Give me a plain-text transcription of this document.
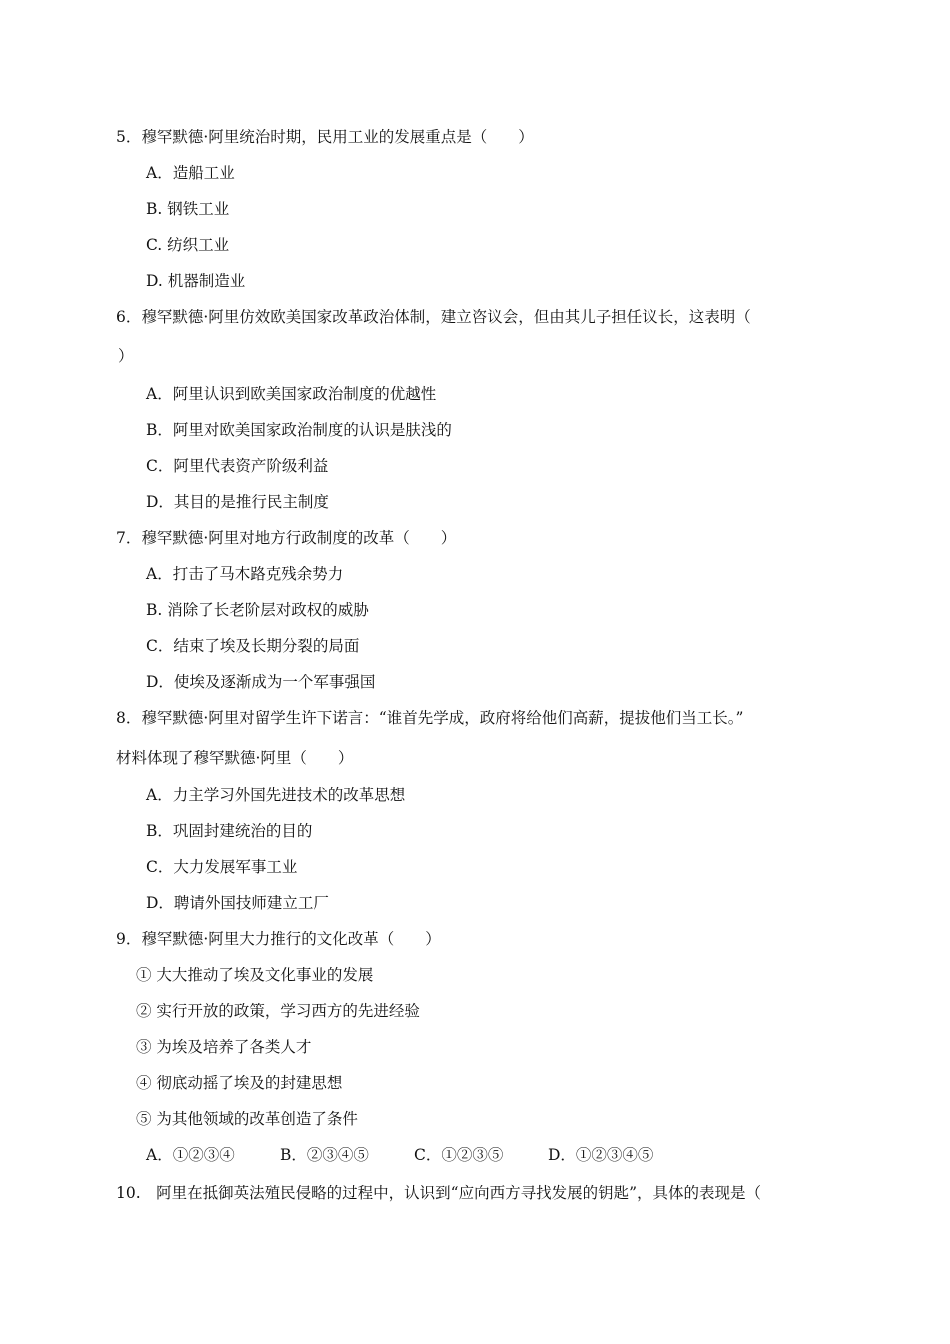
5．穆罕默德·阿里统治时期，民用工业的发展重点是（　　）
A．造船工业
B. 钢铁工业
C. 纺织工业
D. 机器制造业
6．穆罕默德·阿里仿效欧美国家改革政治体制，建立咨议会，但由其儿子担任议长，这表明（
）
A．阿里认识到欧美国家政治制度的优越性
B．阿里对欧美国家政治制度的认识是肤浅的
C．阿里代表资产阶级利益
D．其目的是推行民主制度
7．穆罕默德·阿里对地方行政制度的改革（　　）
A．打击了马木路克残余势力
B. 消除了长老阶层对政权的威胁
C．结束了埃及长期分裂的局面
D．使埃及逐渐成为一个军事强国
8．穆罕默德·阿里对留学生许下诺言：“谁首先学成，政府将给他们高薪，提拔他们当工长。”
材料体现了穆罕默德·阿里（　　）
A．力主学习外国先进技术的改革思想
B．巩固封建统治的目的
C．大力发展军事工业
D．聘请外国技师建立工厂
9．穆罕默德·阿里大力推行的文化改革（　　）
① 大大推动了埃及文化事业的发展
② 实行开放的政策，学习西方的先进经验
③ 为埃及培养了各类人才
④ 彻底动摇了埃及的封建思想
⑤ 为其他领域的改革创造了条件
A．①②③④	B．②③④⑤	C．①②③⑤	D．①②③④⑤
10.　阿里在抵御英法殖民侵略的过程中，认识到“应向西方寻找发展的钥匙”，具体的表现是（
